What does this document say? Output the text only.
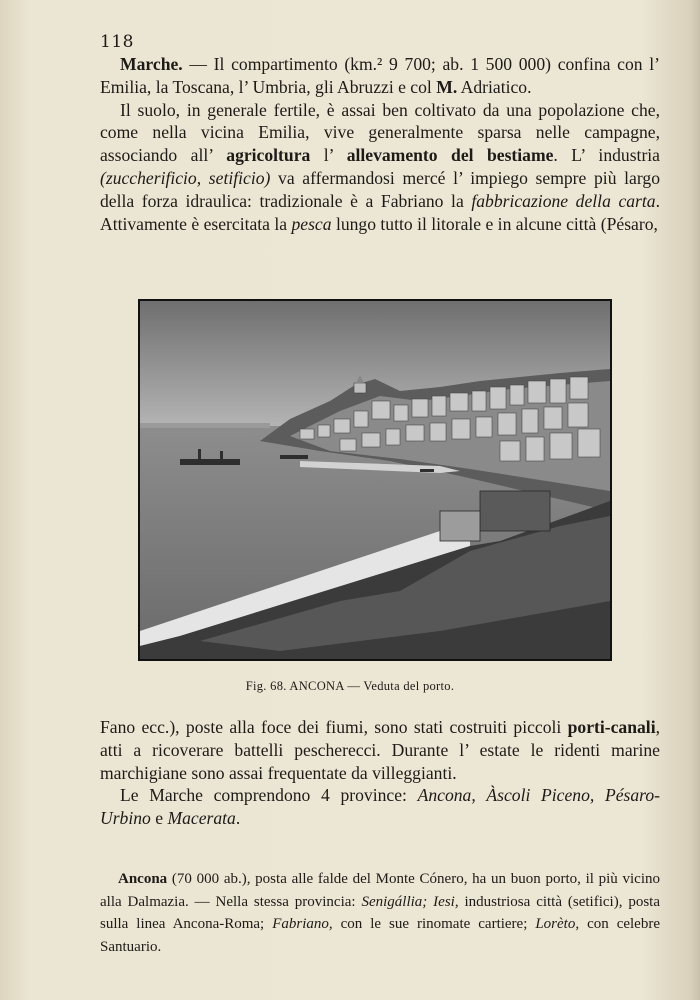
118

Marche. — Il compartimento (km.² 9 700; ab. 1 500 000) confina con l’ Emilia, la Toscana, l’ Umbria, gli Abruzzi e col M. Adriatico.

Il suolo, in generale fertile, è assai ben coltivato da una popolazione che, come nella vicina Emilia, vive generalmente sparsa nelle campagne, associando all’ agricoltura l’ allevamento del bestiame. L’ industria (zuccherificio, setificio) va affermandosi mercé l’ impiego sempre più largo della forza idraulica: tradizionale è a Fabriano la fabbricazione della carta. Attivamente è esercitata la pesca lungo tutto il litorale e in alcune città (Pésaro,

Fig. 68. ANCONA — Veduta del porto.

Fano ecc.), poste alla foce dei fiumi, sono stati costruiti piccoli porti-canali, atti a ricoverare battelli pescherecci. Durante l’ estate le ridenti marine marchigiane sono assai frequentate da villeggianti.

Le Marche comprendono 4 province: Ancona, Àscoli Piceno, Pésaro-Urbino e Macerata.

Ancona (70 000 ab.), posta alle falde del Monte Cónero, ha un buon porto, il più vicino alla Dalmazia. — Nella stessa provincia: Senigállia; Iesi, industriosa città (setifici), posta sulla linea Ancona-Roma; Fabriano, con le sue rinomate cartiere; Lorèto, con celebre Santuario.
